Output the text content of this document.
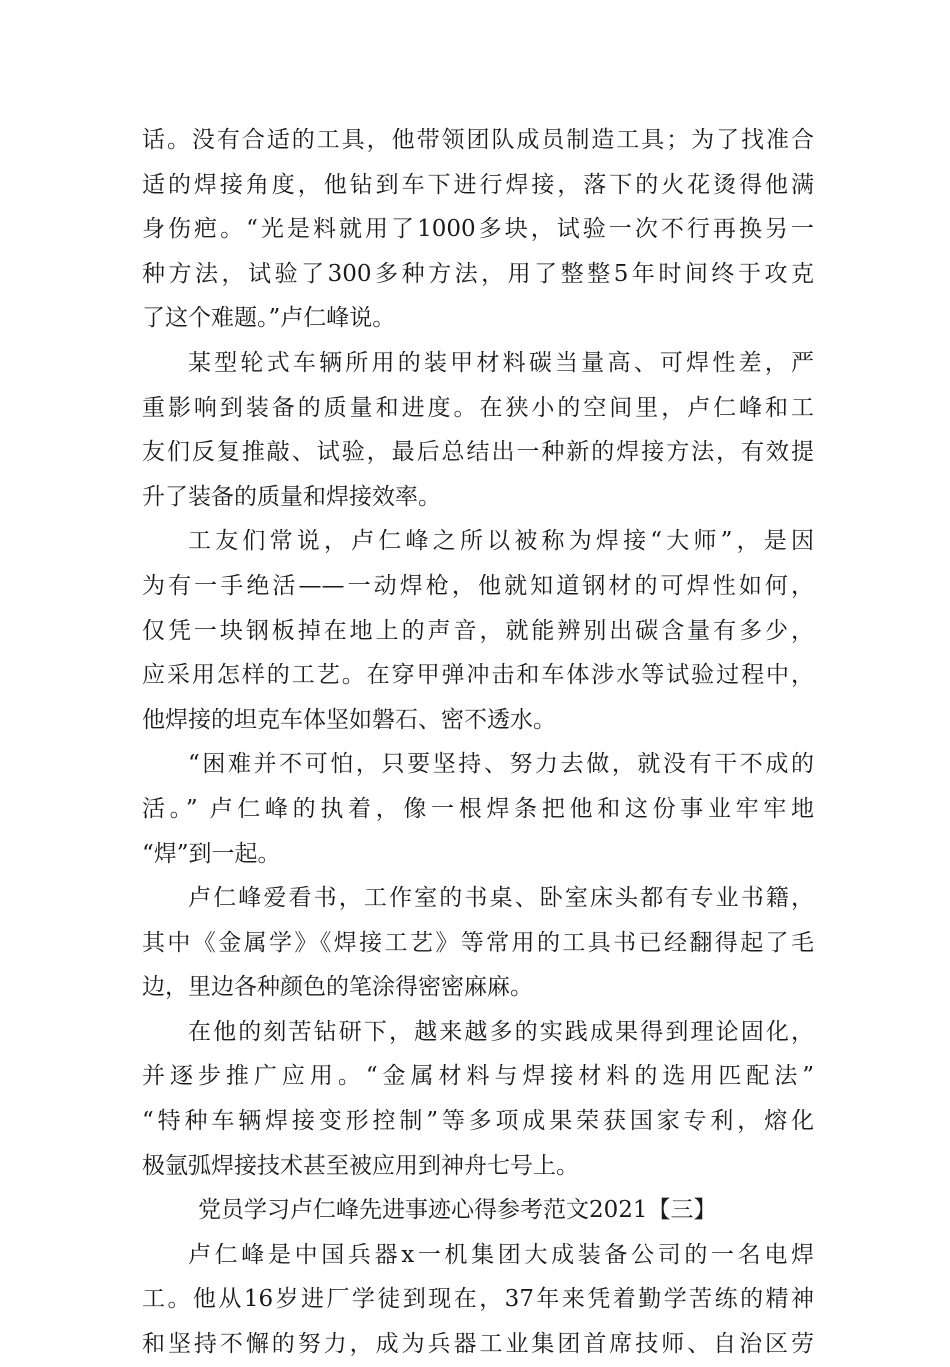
话。没有合适的工具，他带领团队成员制造工具；为了找准合
适的焊接角度，他钻到车下进行焊接，落下的火花烫得他满
身伤疤。“光是料就用了1000多块，试验一次不行再换另一
种方法，试验了300多种方法，用了整整5年时间终于攻克
了这个难题。”卢仁峰说。
某型轮式车辆所用的装甲材料碳当量高、可焊性差，严
重影响到装备的质量和进度。在狭小的空间里，卢仁峰和工
友们反复推敲、试验，最后总结出一种新的焊接方法，有效提
升了装备的质量和焊接效率。
工友们常说，卢仁峰之所以被称为焊接“大师”，是因
为有一手绝活——一动焊枪，他就知道钢材的可焊性如何，
仅凭一块钢板掉在地上的声音，就能辨别出碳含量有多少，
应采用怎样的工艺。在穿甲弹冲击和车体涉水等试验过程中，
他焊接的坦克车体坚如磐石、密不透水。
“困难并不可怕，只要坚持、努力去做，就没有干不成的
活。” 卢仁峰的执着，像一根焊条把他和这份事业牢牢地
“焊”到一起。
卢仁峰爱看书，工作室的书桌、卧室床头都有专业书籍，
其中《金属学》《焊接工艺》等常用的工具书已经翻得起了毛
边，里边各种颜色的笔涂得密密麻麻。
在他的刻苦钻研下，越来越多的实践成果得到理论固化，
并逐步推广应用。“金属材料与焊接材料的选用匹配法”
“特种车辆焊接变形控制”等多项成果荣获国家专利，熔化
极氩弧焊接技术甚至被应用到神舟七号上。
党员学习卢仁峰先进事迹心得参考范文2021【三】
卢仁峰是中国兵器x一机集团大成装备公司的一名电焊
工。他从16岁进厂学徒到现在，37年来凭着勤学苦练的精神
和坚持不懈的努力，成为兵器工业集团首席技师、自治区劳
